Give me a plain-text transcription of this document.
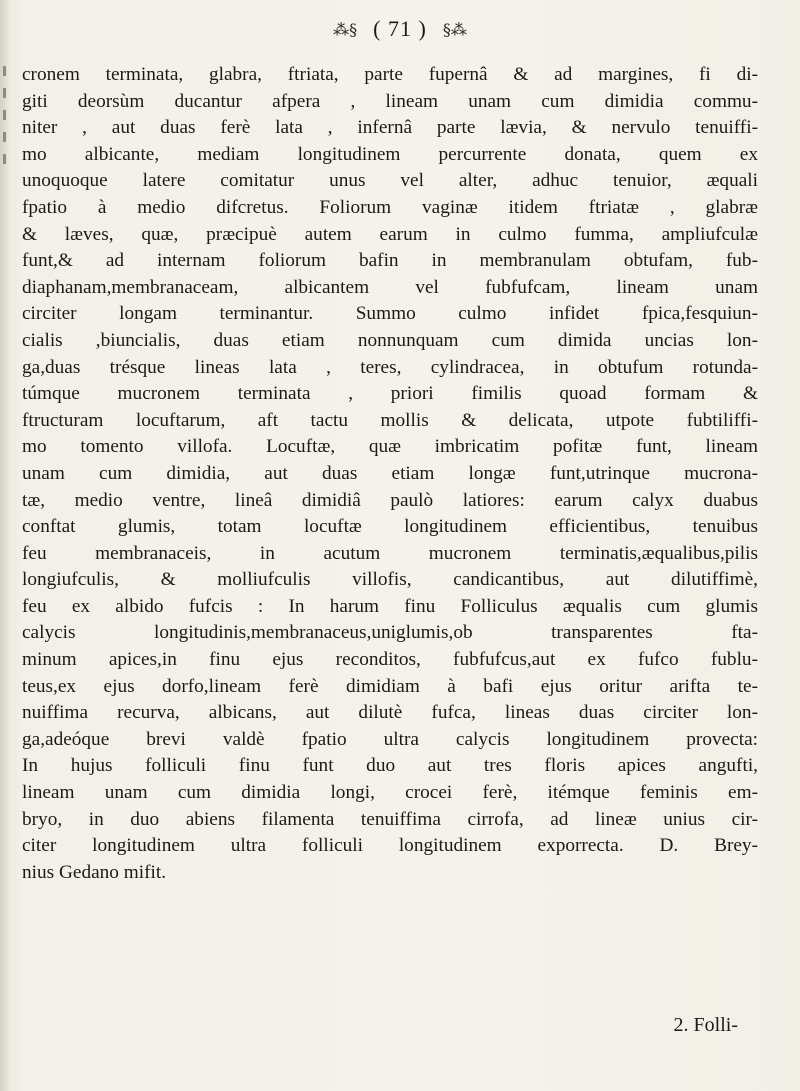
⁂§ ( 71 ) §⁂
cronem terminata, glabra, ftriata, parte fupernâ & ad margines, fi di-
giti deorsùm ducantur afpera , lineam unam cum dimidia commu-
niter , aut duas ferè lata , infernâ parte lævia, & nervulo tenuiffi-
mo albicante, mediam longitudinem percurrente donata, quem ex
unoquoque latere comitatur unus vel alter, adhuc tenuior, æquali
fpatio à medio difcretus. Foliorum vaginæ itidem ftriatæ , glabræ
& læves, quæ, præcipuè autem earum in culmo fumma, ampliufculæ
funt,& ad internam foliorum bafin in membranulam obtufam, fub-
diaphanam,membranaceam, albicantem vel fubfufcam, lineam unam
circiter longam terminantur. Summo culmo infidet fpica,fesquiun-
cialis ,biuncialis, duas etiam nonnunquam cum dimida uncias lon-
ga,duas trésque lineas lata , teres, cylindracea, in obtufum rotunda-
túmque mucronem terminata , priori fimilis quoad formam &
ftructuram locuftarum, aft tactu mollis & delicata, utpote fubtiliffi-
mo tomento villofa. Locuftæ, quæ imbricatim pofitæ funt, lineam
unam cum dimidia, aut duas etiam longæ funt,utrinque mucrona-
tæ, medio ventre, lineâ dimidiâ paulò latiores: earum calyx duabus
conftat glumis, totam locuftæ longitudinem efficientibus, tenuibus
feu membranaceis, in acutum mucronem terminatis,æqualibus,pilis
longiufculis, & molliufculis villofis, candicantibus, aut dilutiffimè,
feu ex albido fufcis : In harum finu Folliculus æqualis cum glumis
calycis longitudinis,membranaceus,uniglumis,ob transparentes fta-
minum apices,in finu ejus reconditos, fubfufcus,aut ex fufco fublu-
teus,ex ejus dorfo,lineam ferè dimidiam à bafi ejus oritur arifta te-
nuiffima recurva, albicans, aut dilutè fufca, lineas duas circiter lon-
ga,adeóque brevi valdè fpatio ultra calycis longitudinem provecta:
In hujus folliculi finu funt duo aut tres floris apices angufti,
lineam unam cum dimidia longi, crocei ferè, itémque feminis em-
bryo, in duo abiens filamenta tenuiffima cirrofa, ad lineæ unius cir-
citer longitudinem ultra folliculi longitudinem exporrecta. D. Brey-
nius Gedano mifit.
2. Folli-
